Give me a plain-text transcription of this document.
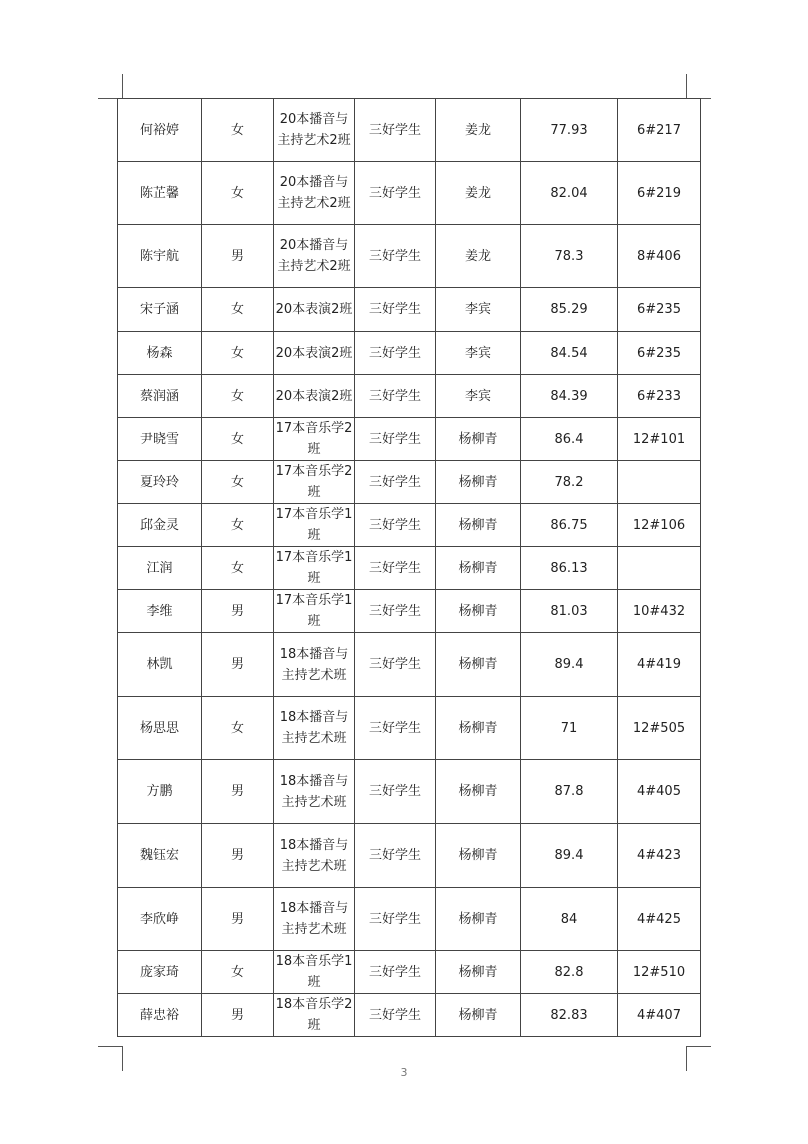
何裕婷	女	20本播音与主持艺术2班	三好学生	姜龙	77.93	6#217
陈芷馨	女	20本播音与主持艺术2班	三好学生	姜龙	82.04	6#219
陈宇航	男	20本播音与主持艺术2班	三好学生	姜龙	78.3	8#406
宋子涵	女	20本表演2班	三好学生	李宾	85.29	6#235
杨森	女	20本表演2班	三好学生	李宾	84.54	6#235
蔡润涵	女	20本表演2班	三好学生	李宾	84.39	6#233
尹晓雪	女	17本音乐学2班	三好学生	杨柳青	86.4	12#101
夏玲玲	女	17本音乐学2班	三好学生	杨柳青	78.2	
邱金灵	女	17本音乐学1班	三好学生	杨柳青	86.75	12#106
江润	女	17本音乐学1班	三好学生	杨柳青	86.13	
李维	男	17本音乐学1班	三好学生	杨柳青	81.03	10#432
林凯	男	18本播音与主持艺术班	三好学生	杨柳青	89.4	4#419
杨思思	女	18本播音与主持艺术班	三好学生	杨柳青	71	12#505
方鹏	男	18本播音与主持艺术班	三好学生	杨柳青	87.8	4#405
魏钰宏	男	18本播音与主持艺术班	三好学生	杨柳青	89.4	4#423
李欣峥	男	18本播音与主持艺术班	三好学生	杨柳青	84	4#425
庞家琦	女	18本音乐学1班	三好学生	杨柳青	82.8	12#510
薛忠裕	男	18本音乐学2班	三好学生	杨柳青	82.83	4#407
3
